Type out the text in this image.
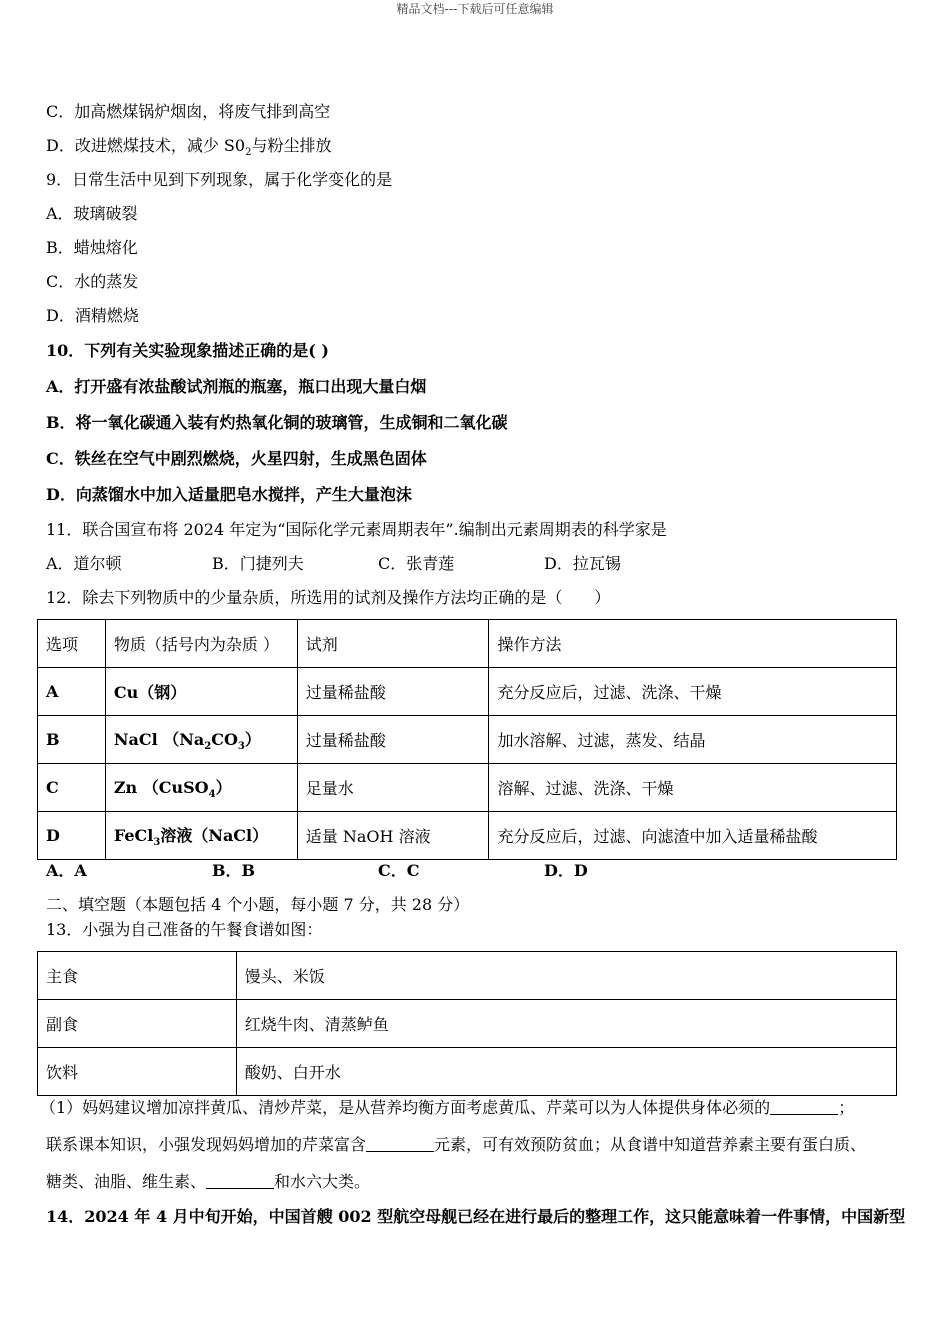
精品文档---下载后可任意编辑
C．加高燃煤锅炉烟囱，将废气排到高空
D．改进燃煤技术，减少 $S0_2$与粉尘排放
9．日常生活中见到下列现象，属于化学变化的是
A．玻璃破裂
B．蜡烛熔化
C．水的蒸发
D．酒精燃烧
10．下列有关实验现象描述正确的是( )
A．打开盛有浓盐酸试剂瓶的瓶塞，瓶口出现大量白烟
B．将一氧化碳通入装有灼热氧化铜的玻璃管，生成铜和二氧化碳
C．铁丝在空气中剧烈燃烧，火星四射，生成黑色固体
D．向蒸馏水中加入适量肥皂水搅拌，产生大量泡沫
11．联合国宣布将 2024 年定为“国际化学元素周期表年”.编制出元素周期表的科学家是
A．道尔顿	B．门捷列夫	C．张青莲	D．拉瓦锡
12．除去下列物质中的少量杂质，所选用的试剂及操作方法均正确的是（　　）
选项	物质（括号内为杂质 ）	试剂	操作方法
A	Cu（钢）	过量稀盐酸	充分反应后，过滤、洗涤、干燥
B	NaCl $(Na_2CO_3)$	过量稀盐酸	加水溶解、过滤，蒸发、结晶
C	Zn （CuSO$_4$）	足量水	溶解、过滤、洗涤、干燥
D	FeCl$_3$溶液（NaCl）	适量 NaOH 溶液	充分反应后，过滤、向滤渣中加入适量稀盐酸
A．A	B．B	C．C	D．D
二、填空题（本题包括 4 个小题，每小题 7 分，共 28 分）
13．小强为自己准备的午餐食谱如图：
主食	馒头、米饭
副食	红烧牛肉、清蒸鲈鱼
饮料	酸奶、白开水
（1）妈妈建议增加凉拌黄瓜、清炒芹菜，是从营养均衡方面考虑黄瓜、芹菜可以为人体提供身体必须的	；
联系课本知识，小强发现妈妈增加的芹菜富含	元素，可有效预防贫血；从食谱中知道营养素主要有蛋白质、
糖类、油脂、维生素、	和水六大类。
14．2024 年 4 月中旬开始，中国首艘 002 型航空母舰已经在进行最后的整理工作，这只能意味着一件事情，中国新型
